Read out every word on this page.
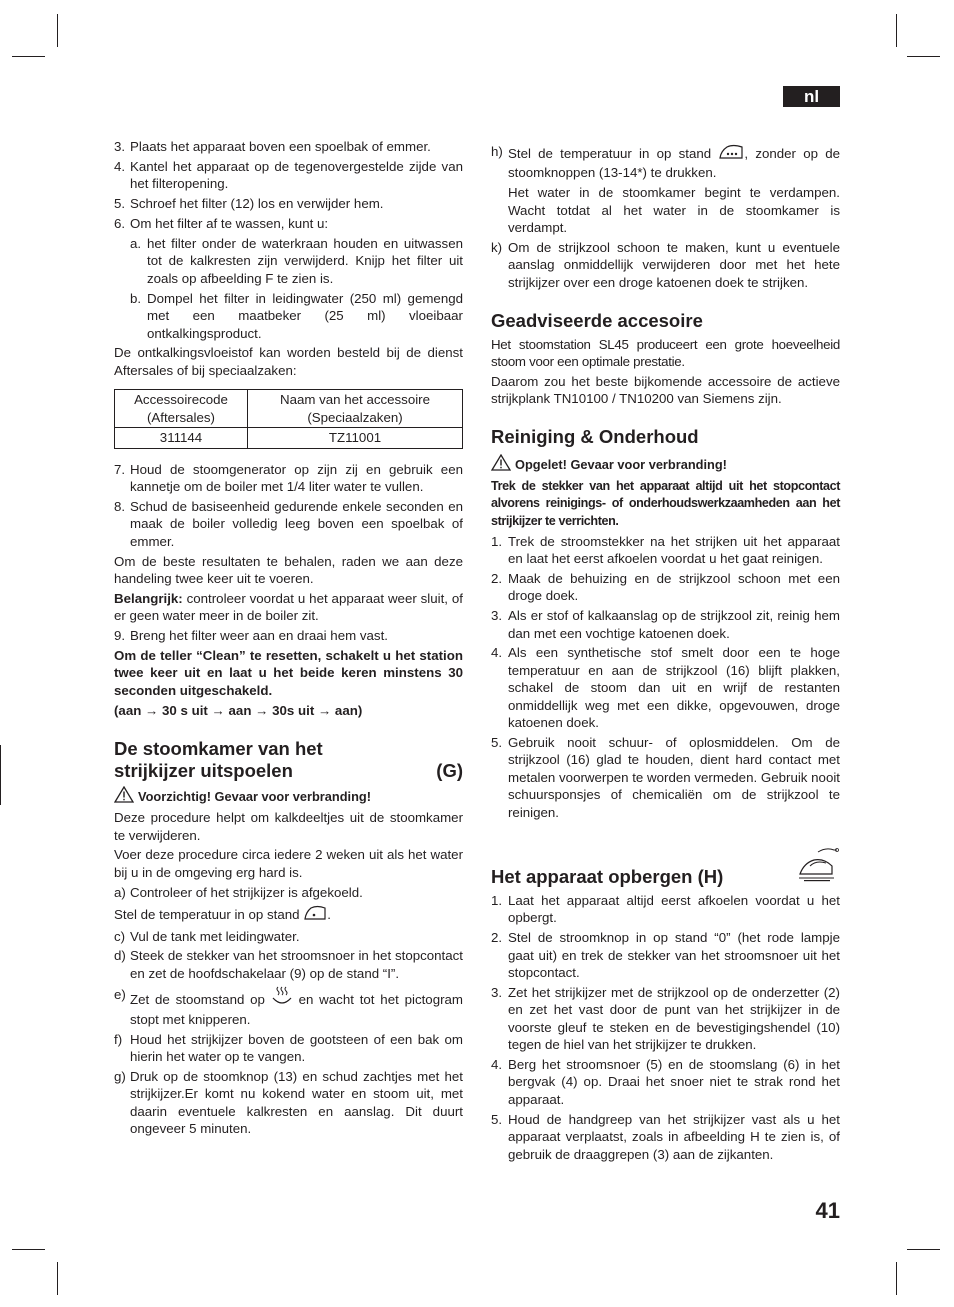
nl
3. Plaats het apparaat boven een spoelbak of emmer.
4. Kantel het apparaat op de tegenovergestelde zijde van het filteropening.
5. Schroef het filter (12) los en verwijder hem.
6. Om het filter af te wassen, kunt u:
a. het filter onder de waterkraan houden en uitwassen tot de kalkresten zijn verwijderd. Knijp het filter uit zoals op afbeelding F te zien is.
b. Dompel het filter in leidingwater (250 ml) gemengd met een maatbeker (25 ml) vloeibaar ontkalkingsproduct.

De ontkalkingsvloeistof kan worden besteld bij de dienst Aftersales of bij speciaalzaken:

Accessoirecode (Aftersales)	Naam van het accessoire (Speciaalzaken)
311144	TZ11001
7. Houd de stoomgenerator op zijn zij en gebruik een kannetje om de boiler met 1/4 liter water te vullen.
8. Schud de basiseenheid gedurende enkele seconden en maak de boiler volledig leeg boven een spoelbak of emmer.

Om de beste resultaten te behalen, raden we aan deze handeling twee keer uit te voeren.

Belangrijk: controleer voordat u het apparaat weer sluit, of er geen water meer in de boiler zit.

9. Breng het filter weer aan en draai hem vast.

Om de teller “Clean” te resetten, schakelt u het station twee keer uit en laat u het beide keren minstens 30 seconden uitgeschakeld.

(aan → 30 s uit → aan → 30s uit → aan)

De stoomkamer van het
strijkijzer uitspoelen	(G)
Voorzichtig! Gevaar voor verbranding!

Deze procedure helpt om kalkdeeltjes uit de stoomkamer te verwijderen.

Voer deze procedure circa iedere 2 weken uit als het water bij u in de omgeving erg hard is.

a) Controleer of het strijkijzer is afgekoeld.

Stel de temperatuur in op stand .

c) Vul de tank met leidingwater.
d) Steek de stekker van het stroomsnoer in het stopcontact en zet de hoofdschakelaar (9) op de stand “I”.
e) Zet de stoomstand op  en wacht tot het pictogram stopt met knipperen.
f) Houd het strijkijzer boven de gootsteen of een bak om hierin het water op te vangen.
g) Druk op de stoomknop (13) en schud zachtjes met het strijkijzer.Er komt nu kokend water en stoom uit, met daarin eventuele kalkresten en aanslag. Dit duurt ongeveer 5 minuten.
h) Stel de temperatuur in op stand , zonder op de stoomknoppen (13-14*) te drukken.

Het water in de stoomkamer begint te verdampen. Wacht totdat al het water in de stoomkamer is verdampt.

k) Om de strijkzool schoon te maken, kunt u eventuele aanslag onmiddellijk verwijderen door met het hete strijkijzer over een droge katoenen doek te strijken.
Geadviseerde accesoire

Het stoomstation SL45 produceert een grote hoeveelheid stoom voor een optimale prestatie.

Daarom zou het beste bijkomende accessoire de actieve strijkplank TN10100 / TN10200 van Siemens zijn.

Reiniging & Onderhoud
Opgelet! Gevaar voor verbranding!

Trek de stekker van het apparaat altijd uit het stopcontact alvorens reinigings- of onderhoudswerkzaamheden aan het strijkijzer te verrichten.

1. Trek de stroomstekker na het strijken uit het apparaat en laat het eerst afkoelen voordat u het gaat reinigen.
2. Maak de behuizing en de strijkzool schoon met een droge doek.
3. Als er stof of kalkaanslag op de strijkzool zit, reinig hem dan met een vochtige katoenen doek.
4. Als een synthetische stof smelt door een te hoge temperatuur en aan de strijkzool (16) blijft plakken, schakel de stoom dan uit en wrijf de restanten onmiddellijk weg met een dikke, opgevouwen, droge katoenen doek.
5. Gebruik nooit schuur- of oplosmiddelen. Om de strijkzool (16) glad te houden, dient hard contact met metalen voorwerpen te worden vermeden. Gebruik nooit schuursponsjes of chemicaliën om de strijkzool te reinigen.
Het apparaat opbergen (H)
1. Laat het apparaat altijd eerst afkoelen voordat u het opbergt.
2. Stel de stroomknop in op stand “0” (het rode lampje gaat uit) en trek de stekker van het stroomsnoer uit het stopcontact.
3. Zet het strijkijzer met de strijkzool op de onderzetter (2) en zet het vast door de punt van het strijkijzer in de voorste gleuf te steken en de bevestigingshendel (10) tegen de hiel van het strijkijzer te drukken.
4. Berg het stroomsnoer (5) en de stoomslang (6) in het bergvak (4) op. Draai het snoer niet te strak rond het apparaat.
5. Houd de handgreep van het strijkijzer vast als u het apparaat verplaatst, zoals in afbeelding H te zien is, of gebruik de draaggrepen (3) aan de zijkanten.
41
